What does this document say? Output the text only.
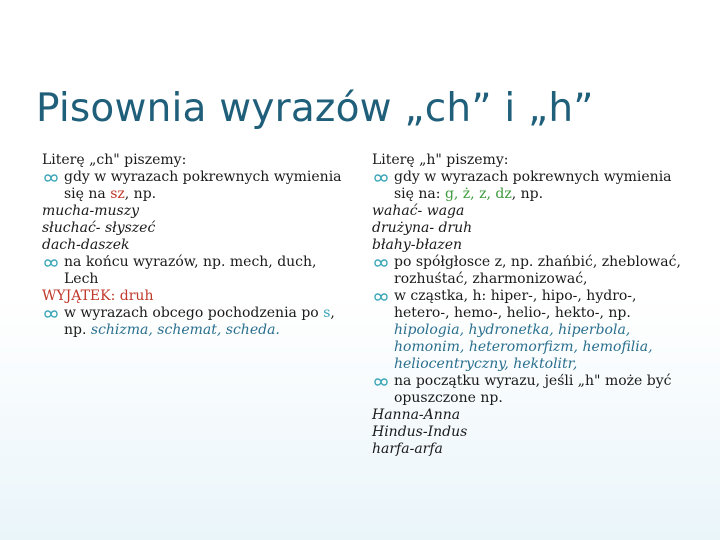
Pisownia wyrazów „ch” i „h”
Literę „ch" piszemy:
gdy w wyrazach pokrewnych wymienia
się na sz, np.
mucha-muszy
słuchać- słyszeć
dach-daszek
na końcu wyrazów, np. mech, duch,
Lech
WYJĄTEK: druh
w wyrazach obcego pochodzenia po s,
np. schizma, schemat, scheda.
Literę „h" piszemy:
gdy w wyrazach pokrewnych wymienia
się na: g, ż, z, dz, np.
wahać- waga
drużyna- druh
błahy-błazen
po spółgłosce z, np. zhańbić, zheblować,
rozhuśtać, zharmonizować,
w cząstka, h: hiper-, hipo-, hydro-,
hetero-, hemo-, helio-, hekto-, np.
hipologia, hydronetka, hiperbola,
homonim, heteromorfizm, hemofilia,
heliocentryczny, hektolitr,
na początku wyrazu, jeśli „h" może być
opuszczone np.
Hanna-Anna
Hindus-Indus
harfa-arfa
